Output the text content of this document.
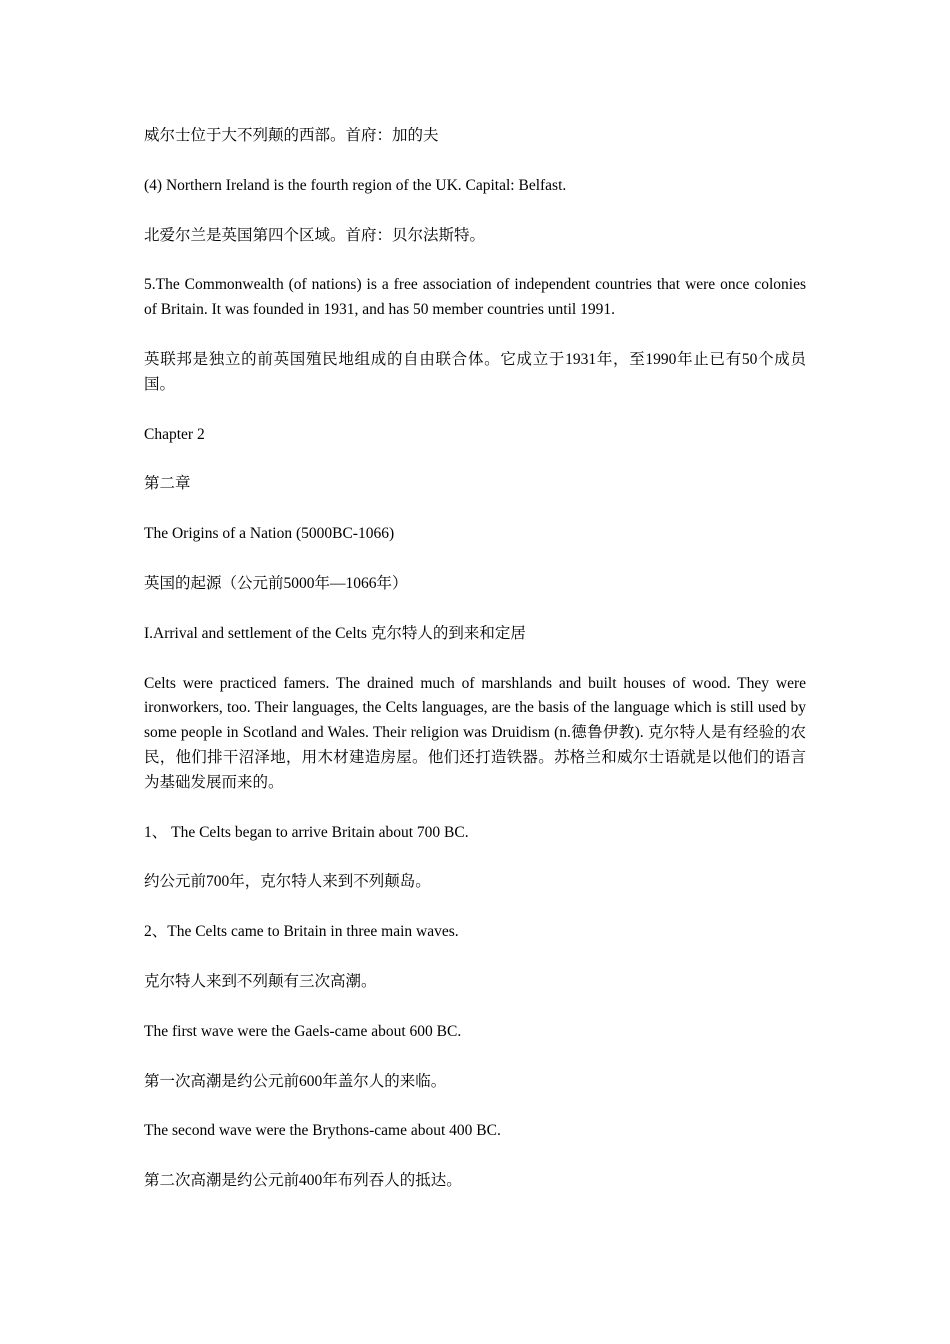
威尔士位于大不列颠的西部。首府：加的夫

(4) Northern Ireland is the fourth region of the UK. Capital: Belfast.

北爱尔兰是英国第四个区域。首府：贝尔法斯特。

5.The Commonwealth (of nations) is a free association of independent countries that were once colonies of Britain. It was founded in 1931, and has 50 member countries until 1991.

英联邦是独立的前英国殖民地组成的自由联合体。它成立于1931年，至1990年止已有50个成员国。

Chapter 2

第二章

The Origins of a Nation (5000BC-1066)

英国的起源（公元前5000年—1066年）

I.Arrival and settlement of the Celts 克尔特人的到来和定居

Celts were practiced famers. The drained much of marshlands and built houses of wood. They were ironworkers, too. Their languages, the Celts languages, are the basis of the language which is still used by some people in Scotland and Wales. Their religion was Druidism (n.德鲁伊教). 克尔特人是有经验的农民，他们排干沼泽地，用木材建造房屋。他们还打造铁器。苏格兰和威尔士语就是以他们的语言为基础发展而来的。

1、 The Celts began to arrive Britain about 700 BC.

约公元前700年，克尔特人来到不列颠岛。

2、The Celts came to Britain in three main waves.

克尔特人来到不列颠有三次高潮。

The first wave were the Gaels-came about 600 BC.

第一次高潮是约公元前600年盖尔人的来临。

The second wave were the Brythons-came about 400 BC.

第二次高潮是约公元前400年布列吞人的抵达。
